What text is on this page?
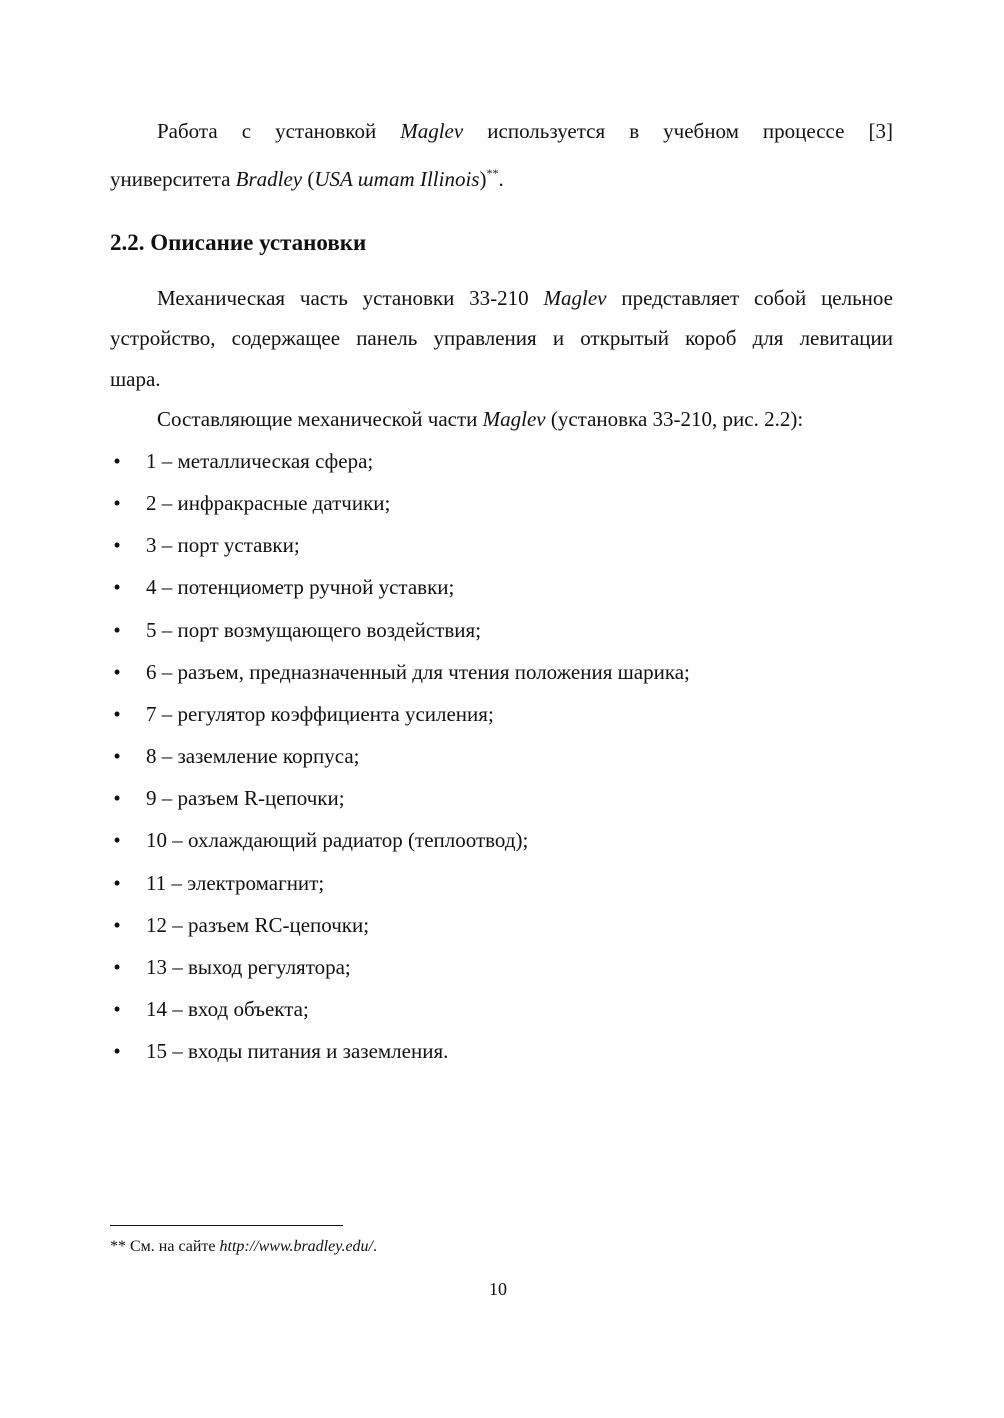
Работа с установкой Maglev используется в учебном процессе [3]
университета Bradley (USA штат Illinois)**.
2.2. Описание установки
Механическая часть установки 33-210 Maglev представляет собой цельное
устройство, содержащее панель управления и открытый короб для левитации
шара.
Составляющие механической части Maglev (установка 33-210, рис. 2.2):
• 1 – металлическая сфера;
• 2 – инфракрасные датчики;
• 3 – порт уставки;
• 4 – потенциометр ручной уставки;
• 5 – порт возмущающего воздействия;
• 6 – разъем, предназначенный для чтения положения шарика;
• 7 – регулятор коэффициента усиления;
• 8 – заземление корпуса;
• 9 – разъем R-цепочки;
• 10 – охлаждающий радиатор (теплоотвод);
• 11 – электромагнит;
• 12 – разъем RC-цепочки;
• 13 – выход регулятора;
• 14 – вход объекта;
• 15 – входы питания и заземления.
** См. на сайте http://www.bradley.edu/.
10
